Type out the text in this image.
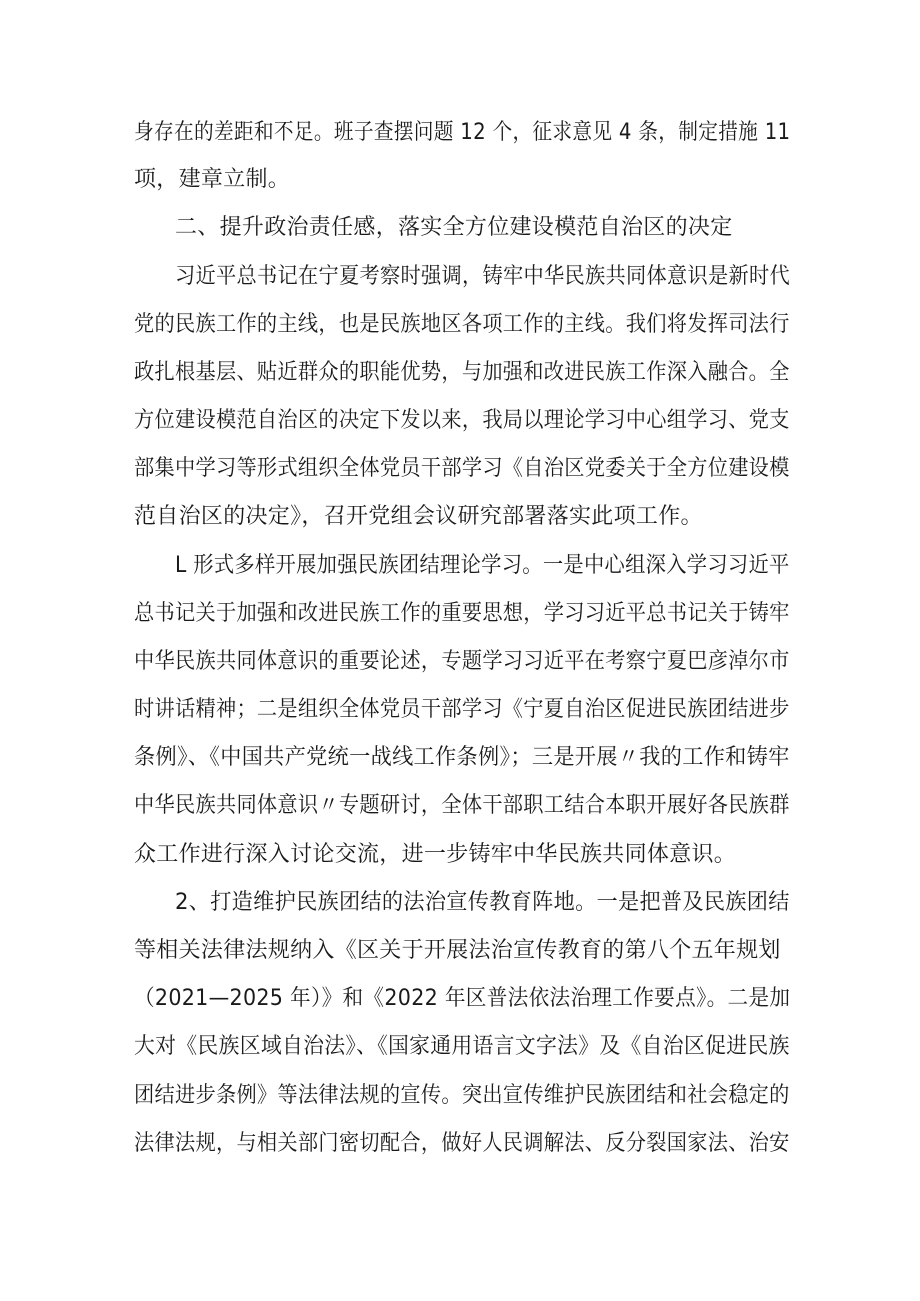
身存在的差距和不足。班子查摆问题 12 个，征求意见 4 条，制定措施 11
项，建章立制。
二、提升政治责任感，落实全方位建设模范自治区的决定
习近平总书记在宁夏考察时强调，铸牢中华民族共同体意识是新时代
党的民族工作的主线，也是民族地区各项工作的主线。我们将发挥司法行
政扎根基层、贴近群众的职能优势，与加强和改进民族工作深入融合。全
方位建设模范自治区的决定下发以来，我局以理论学习中心组学习、党支
部集中学习等形式组织全体党员干部学习《自治区党委关于全方位建设模
范自治区的决定》，召开党组会议研究部署落实此项工作。
L 形式多样开展加强民族团结理论学习。一是中心组深入学习习近平
总书记关于加强和改进民族工作的重要思想，学习习近平总书记关于铸牢
中华民族共同体意识的重要论述，专题学习习近平在考察宁夏巴彦淖尔市
时讲话精神；二是组织全体党员干部学习《宁夏自治区促进民族团结进步
条例》、《中国共产党统一战线工作条例》；三是开展〃我的工作和铸牢
中华民族共同体意识〃专题研讨，全体干部职工结合本职开展好各民族群
众工作进行深入讨论交流，进一步铸牢中华民族共同体意识。
2、打造维护民族团结的法治宣传教育阵地。一是把普及民族团结
等相关法律法规纳入《区关于开展法治宣传教育的第八个五年规划
（2021—2025 年）》和《2022 年区普法依法治理工作要点》。二是加
大对《民族区域自治法》、《国家通用语言文字法》及《自治区促进民族
团结进步条例》等法律法规的宣传。突出宣传维护民族团结和社会稳定的
法律法规，与相关部门密切配合，做好人民调解法、反分裂国家法、治安
